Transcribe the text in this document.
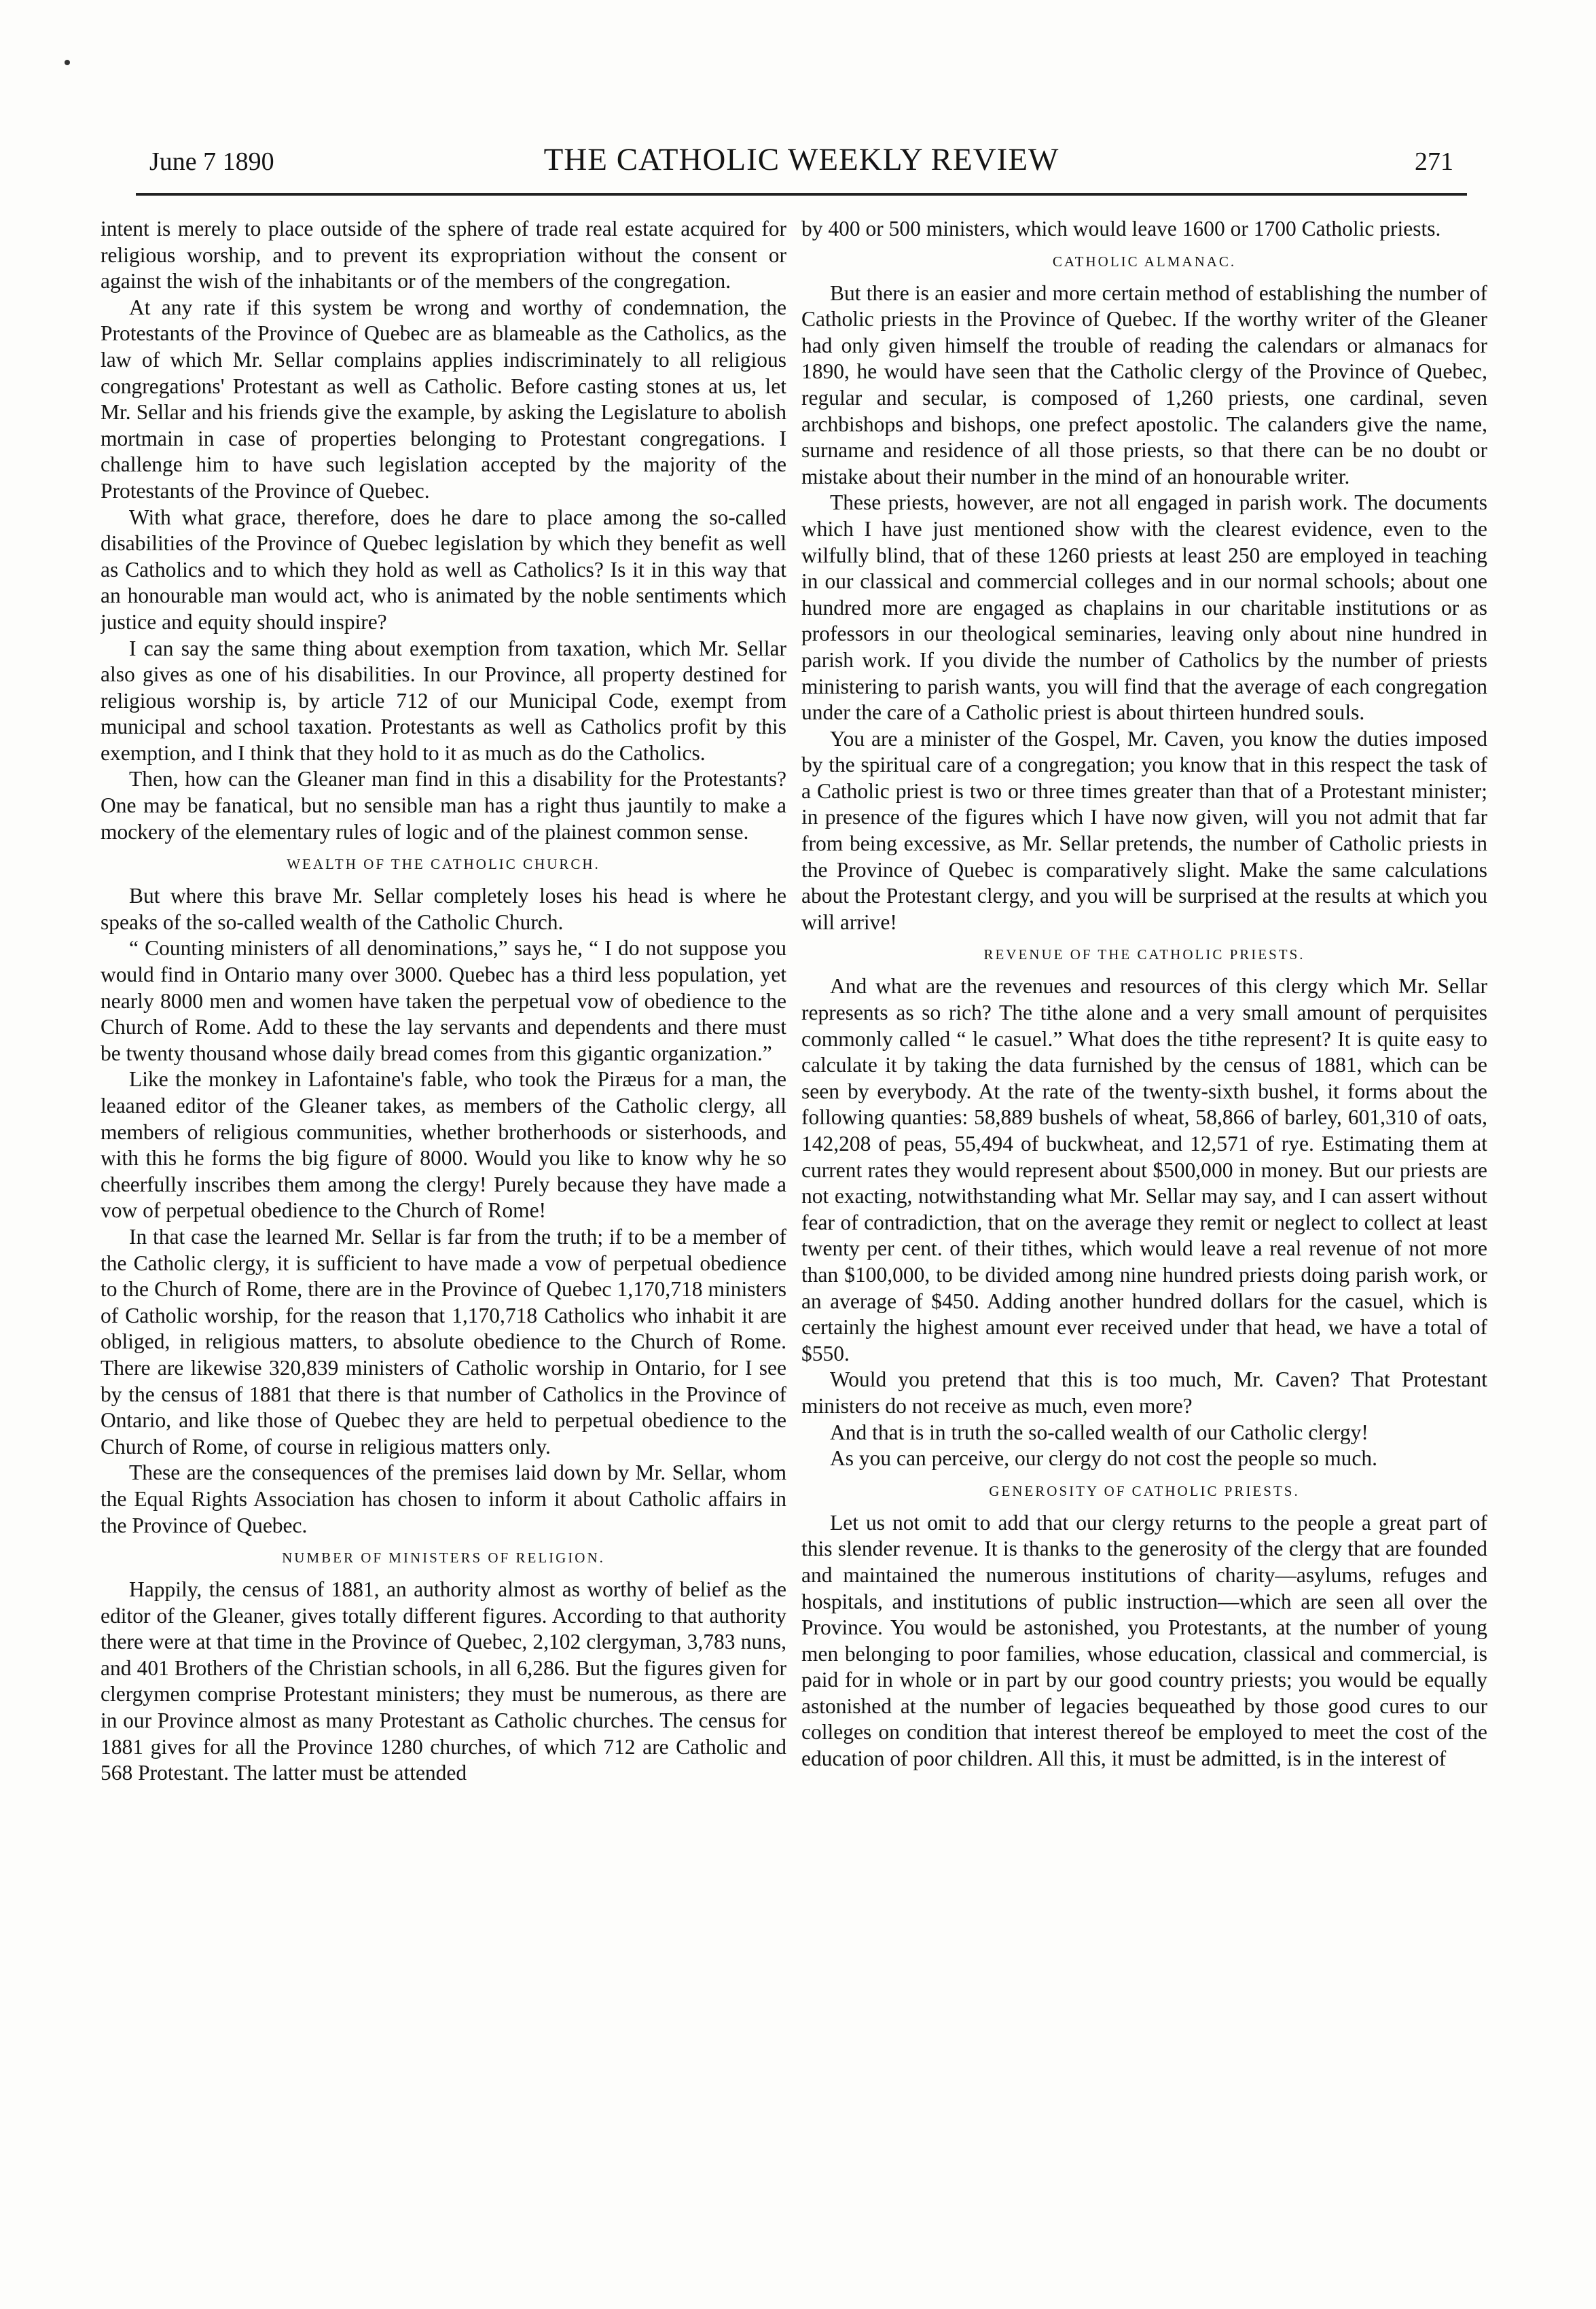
June 7 1890	THE CATHOLIC WEEKLY REVIEW	271

intent is merely to place outside of the sphere of trade real estate acquired for religious worship, and to prevent its expropriation without the consent or against the wish of the inhabitants or of the members of the congregation.

At any rate if this system be wrong and worthy of condemnation, the Protestants of the Province of Quebec are as blameable as the Catholics, as the law of which Mr. Sellar complains applies indiscriminately to all religious congregations' Protestant as well as Catholic. Before casting stones at us, let Mr. Sellar and his friends give the example, by asking the Legislature to abolish mortmain in case of properties belonging to Protestant congregations. I challenge him to have such legislation accepted by the majority of the Protestants of the Province of Quebec.

With what grace, therefore, does he dare to place among the so-called disabilities of the Province of Quebec legislation by which they benefit as well as Catholics and to which they hold as well as Catholics? Is it in this way that an honourable man would act, who is animated by the noble sentiments which justice and equity should inspire?

I can say the same thing about exemption from taxation, which Mr. Sellar also gives as one of his disabilities. In our Province, all property destined for religious worship is, by article 712 of our Municipal Code, exempt from municipal and school taxation. Protestants as well as Catholics profit by this exemption, and I think that they hold to it as much as do the Catholics.

Then, how can the Gleaner man find in this a disability for the Protestants? One may be fanatical, but no sensible man has a right thus jauntily to make a mockery of the elementary rules of logic and of the plainest common sense.

WEALTH OF THE CATHOLIC CHURCH.

But where this brave Mr. Sellar completely loses his head is where he speaks of the so-called wealth of the Catholic Church.

“ Counting ministers of all denominations,” says he, “ I do not suppose you would find in Ontario many over 3000. Quebec has a third less population, yet nearly 8000 men and women have taken the perpetual vow of obedience to the Church of Rome. Add to these the lay servants and dependents and there must be twenty thousand whose daily bread comes from this gigantic organization.”

Like the monkey in Lafontaine's fable, who took the Piræus for a man, the leaaned editor of the Gleaner takes, as members of the Catholic clergy, all members of religious communities, whether brotherhoods or sisterhoods, and with this he forms the big figure of 8000. Would you like to know why he so cheerfully inscribes them among the clergy! Purely because they have made a vow of perpetual obedience to the Church of Rome!

In that case the learned Mr. Sellar is far from the truth; if to be a member of the Catholic clergy, it is sufficient to have made a vow of perpetual obedience to the Church of Rome, there are in the Province of Quebec 1,170,718 ministers of Catholic worship, for the reason that 1,170,718 Catholics who inhabit it are obliged, in religious matters, to absolute obedience to the Church of Rome. There are likewise 320,839 ministers of Catholic worship in Ontario, for I see by the census of 1881 that there is that number of Catholics in the Province of Ontario, and like those of Quebec they are held to perpetual obedience to the Church of Rome, of course in religious matters only.

These are the consequences of the premises laid down by Mr. Sellar, whom the Equal Rights Association has chosen to inform it about Catholic affairs in the Province of Quebec.

NUMBER OF MINISTERS OF RELIGION.

Happily, the census of 1881, an authority almost as worthy of belief as the editor of the Gleaner, gives totally different figures. According to that authority there were at that time in the Province of Quebec, 2,102 clergyman, 3,783 nuns, and 401 Brothers of the Christian schools, in all 6,286. But the figures given for clergymen comprise Protestant ministers; they must be numerous, as there are in our Province almost as many Protestant as Catholic churches. The census for 1881 gives for all the Province 1280 churches, of which 712 are Catholic and 568 Protestant. The latter must be attended

by 400 or 500 ministers, which would leave 1600 or 1700 Catholic priests.

CATHOLIC ALMANAC.

But there is an easier and more certain method of establishing the number of Catholic priests in the Province of Quebec. If the worthy writer of the Gleaner had only given himself the trouble of reading the calendars or almanacs for 1890, he would have seen that the Catholic clergy of the Province of Quebec, regular and secular, is composed of 1,260 priests, one cardinal, seven archbishops and bishops, one prefect apostolic. The calanders give the name, surname and residence of all those priests, so that there can be no doubt or mistake about their number in the mind of an honourable writer.

These priests, however, are not all engaged in parish work. The documents which I have just mentioned show with the clearest evidence, even to the wilfully blind, that of these 1260 priests at least 250 are employed in teaching in our classical and commercial colleges and in our normal schools; about one hundred more are engaged as chaplains in our charitable institutions or as professors in our theological seminaries, leaving only about nine hundred in parish work. If you divide the number of Catholics by the number of priests ministering to parish wants, you will find that the average of each congregation under the care of a Catholic priest is about thirteen hundred souls.

You are a minister of the Gospel, Mr. Caven, you know the duties imposed by the spiritual care of a congregation; you know that in this respect the task of a Catholic priest is two or three times greater than that of a Protestant minister; in presence of the figures which I have now given, will you not admit that far from being excessive, as Mr. Sellar pretends, the number of Catholic priests in the Province of Quebec is comparatively slight. Make the same calculations about the Protestant clergy, and you will be surprised at the results at which you will arrive!

REVENUE OF THE CATHOLIC PRIESTS.

And what are the revenues and resources of this clergy which Mr. Sellar represents as so rich? The tithe alone and a very small amount of perquisites commonly called “ le casuel.” What does the tithe represent? It is quite easy to calculate it by taking the data furnished by the census of 1881, which can be seen by everybody. At the rate of the twenty-sixth bushel, it forms about the following quanties: 58,889 bushels of wheat, 58,866 of barley, 601,310 of oats, 142,208 of peas, 55,494 of buckwheat, and 12,571 of rye. Estimating them at current rates they would represent about $500,000 in money. But our priests are not exacting, notwithstanding what Mr. Sellar may say, and I can assert without fear of contradiction, that on the average they remit or neglect to collect at least twenty per cent. of their tithes, which would leave a real revenue of not more than $100,000, to be divided among nine hundred priests doing parish work, or an average of $450. Adding another hundred dollars for the casuel, which is certainly the highest amount ever received under that head, we have a total of $550.

Would you pretend that this is too much, Mr. Caven? That Protestant ministers do not receive as much, even more?

And that is in truth the so-called wealth of our Catholic clergy!

As you can perceive, our clergy do not cost the people so much.

GENEROSITY OF CATHOLIC PRIESTS.

Let us not omit to add that our clergy returns to the people a great part of this slender revenue. It is thanks to the generosity of the clergy that are founded and maintained the numerous institutions of charity—asylums, refuges and hospitals, and institutions of public instruction—which are seen all over the Province. You would be astonished, you Protestants, at the number of young men belonging to poor families, whose education, classical and commercial, is paid for in whole or in part by our good country priests; you would be equally astonished at the number of legacies bequeathed by those good cures to our colleges on condition that interest thereof be employed to meet the cost of the education of poor children. All this, it must be admitted, is in the interest of
